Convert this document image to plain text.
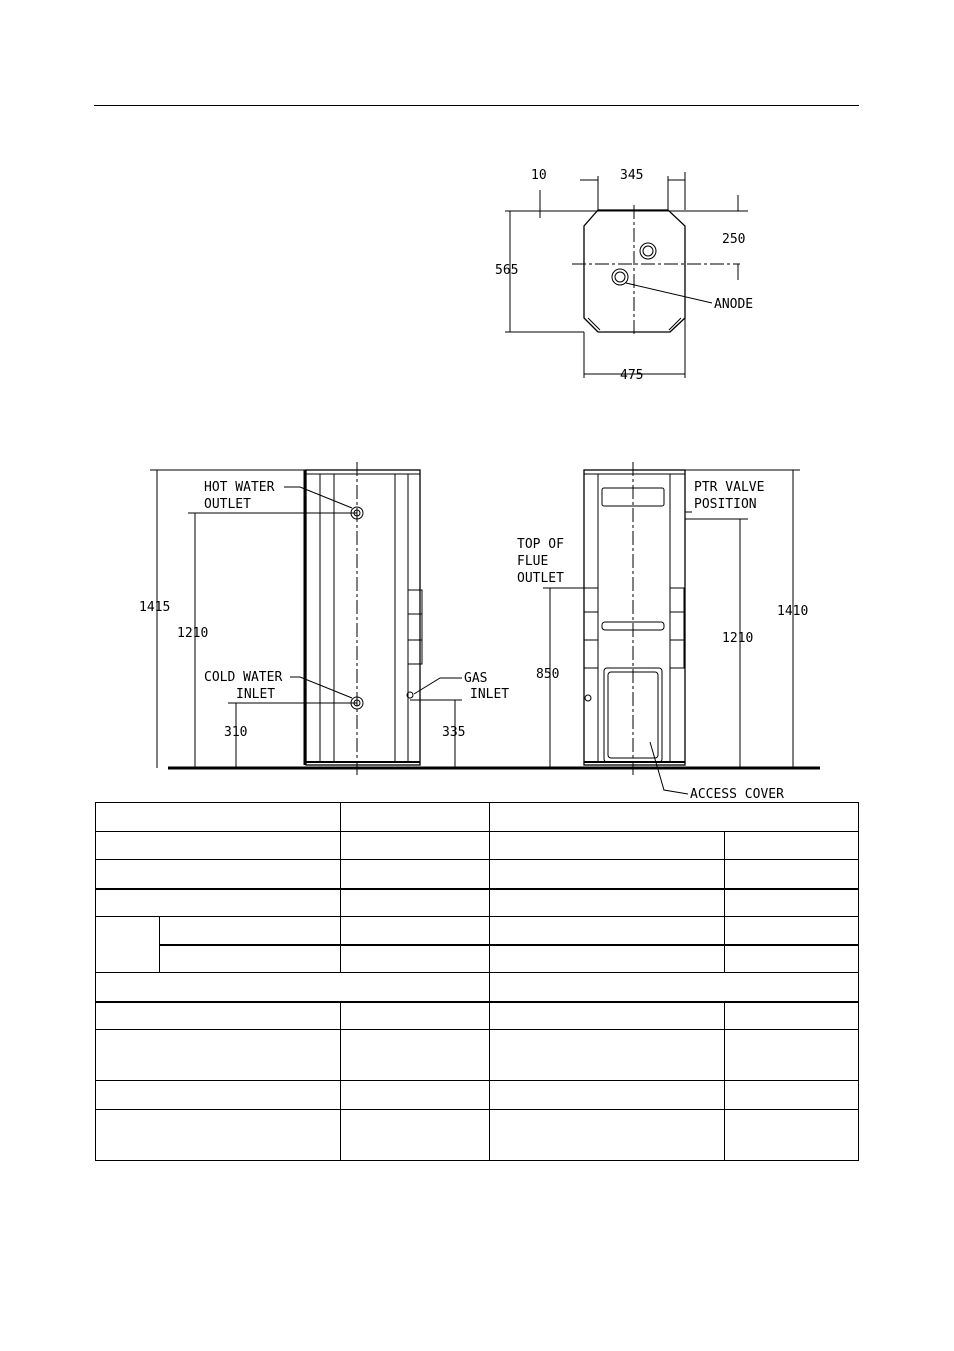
10	345
565
250
475
ANODE
HOT WATER
OUTLET
COLD WATER
INLET
GAS
INLET
1415
1210
310	335
TOP OF
FLUE
OUTLET
PTR VALVE
POSITION
ACCESS COVER
850
1210
1410
